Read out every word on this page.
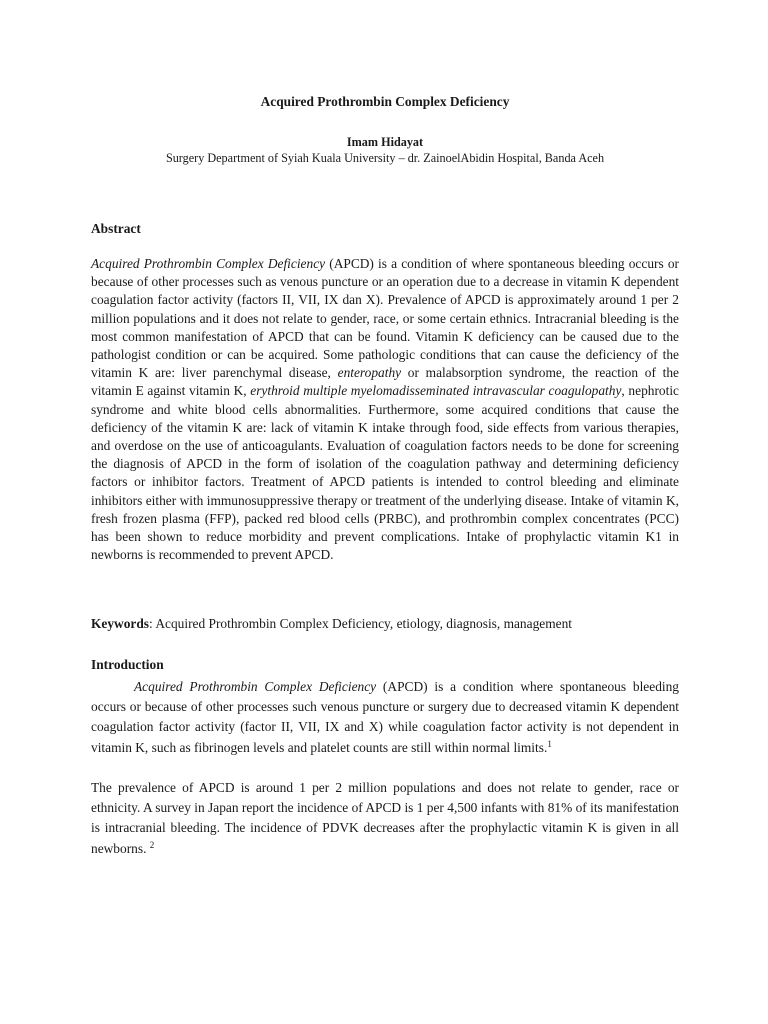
Acquired Prothrombin Complex Deficiency
Imam Hidayat
Surgery Department of Syiah Kuala University – dr. ZainoelAbidin Hospital, Banda Aceh
Abstract
Acquired Prothrombin Complex Deficiency (APCD) is a condition of where spontaneous bleeding occurs or because of other processes such as venous puncture or an operation due to a decrease in vitamin K dependent coagulation factor activity (factors II, VII, IX dan X). Prevalence of APCD is approximately around 1 per 2 million populations and it does not relate to gender, race, or some certain ethnics. Intracranial bleeding is the most common manifestation of APCD that can be found. Vitamin K deficiency can be caused due to the pathologist condition or can be acquired. Some pathologic conditions that can cause the deficiency of the vitamin K are: liver parenchymal disease, enteropathy or malabsorption syndrome, the reaction of the vitamin E against vitamin K, erythroid multiple myelomadisseminated intravascular coagulopathy, nephrotic syndrome and white blood cells abnormalities. Furthermore, some acquired conditions that cause the deficiency of the vitamin K are: lack of vitamin K intake through food, side effects from various therapies, and overdose on the use of anticoagulants. Evaluation of coagulation factors needs to be done for screening the diagnosis of APCD in the form of isolation of the coagulation pathway and determining deficiency factors or inhibitor factors. Treatment of APCD patients is intended to control bleeding and eliminate inhibitors either with immunosuppressive therapy or treatment of the underlying disease. Intake of vitamin K, fresh frozen plasma (FFP), packed red blood cells (PRBC), and prothrombin complex concentrates (PCC) has been shown to reduce morbidity and prevent complications. Intake of prophylactic vitamin K1 in newborns is recommended to prevent APCD.
Keywords: Acquired Prothrombin Complex Deficiency, etiology, diagnosis, management
Introduction
Acquired Prothrombin Complex Deficiency (APCD) is a condition where spontaneous bleeding occurs or because of other processes such venous puncture or surgery due to decreased vitamin K dependent coagulation factor activity (factor II, VII, IX and X) while coagulation factor activity is not dependent in vitamin K, such as fibrinogen levels and platelet counts are still within normal limits.$^1$
The prevalence of APCD is around 1 per 2 million populations and does not relate to gender, race or ethnicity. A survey in Japan report the incidence of APCD is 1 per 4,500 infants with 81% of its manifestation is intracranial bleeding. The incidence of PDVK decreases after the prophylactic vitamin K is given in all newborns. $^2$
